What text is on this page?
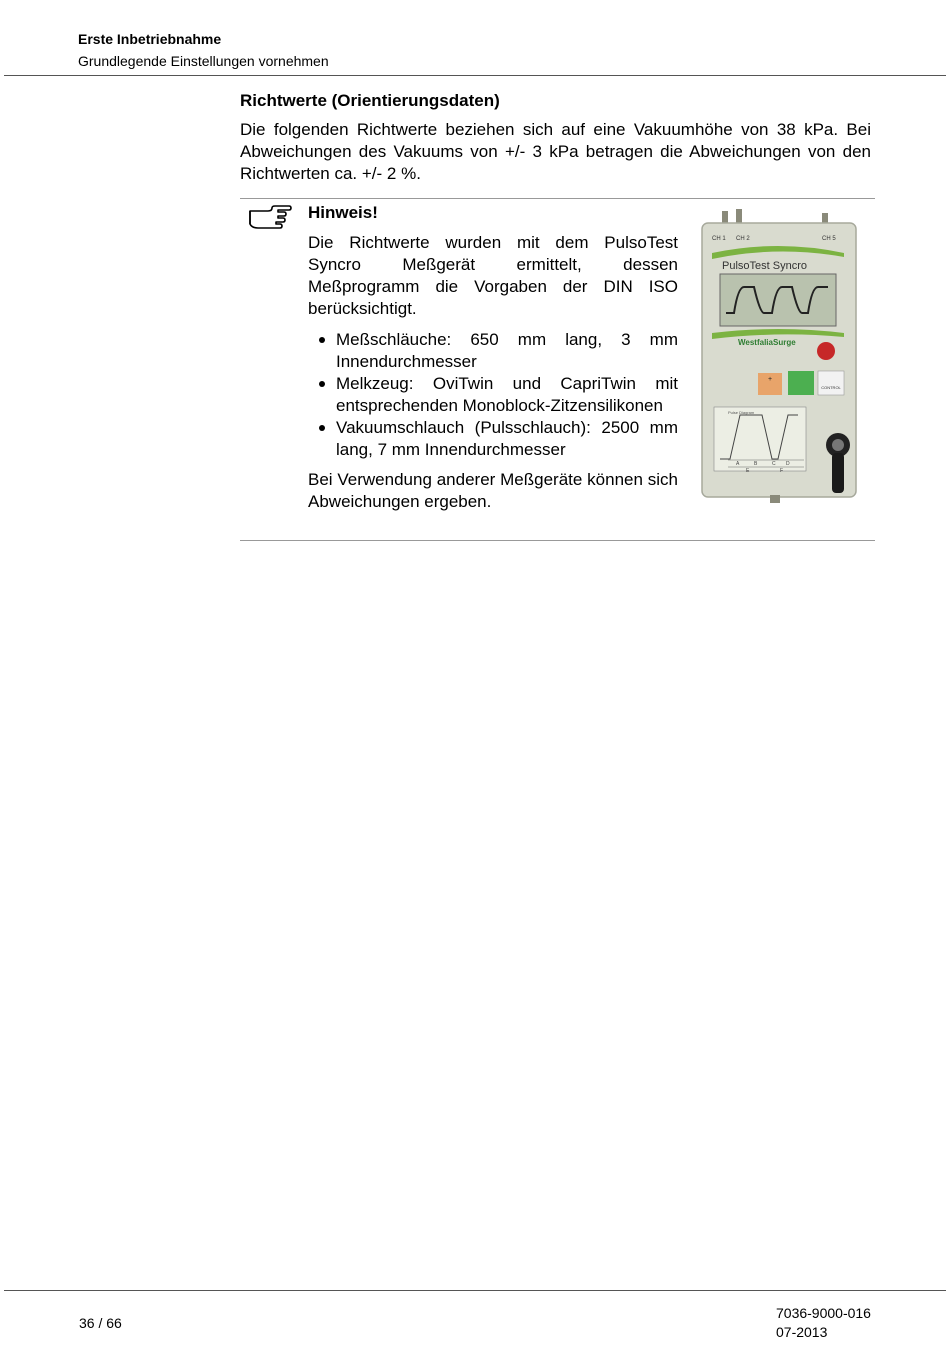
Erste Inbetriebnahme
Grundlegende Einstellungen vornehmen
Richtwerte (Orientierungsdaten)
Die folgenden Richtwerte beziehen sich auf eine Vakuumhöhe von 38 kPa. Bei Abweichungen des Vakuums von +/- 3 kPa betragen die Abweichungen von den Richtwerten ca. +/- 2 %.
Hinweis!

Die Richtwerte wurden mit dem PulsoTest Syncro Meßgerät ermittelt, dessen Meßprogramm die Vorgaben der DIN ISO berücksichtigt.

Meßschläuche: 650 mm lang, 3 mm Innendurchmesser
Melkzeug: OviTwin und CapriTwin mit entsprechenden Monoblock-Zitzensilikonen
Vakuumschlauch (Pulsschlauch): 2500 mm lang, 7 mm Innendurchmesser

Bei Verwendung anderer Meßgeräte können sich Abweichungen ergeben.

CH 1 CH 2	CH 5
PulsoTest Syncro
WestfaliaSurge
+
CONTROL
Pulse Diagram
A	B	C D
E	F
36 / 66
7036-9000-016
07-2013
